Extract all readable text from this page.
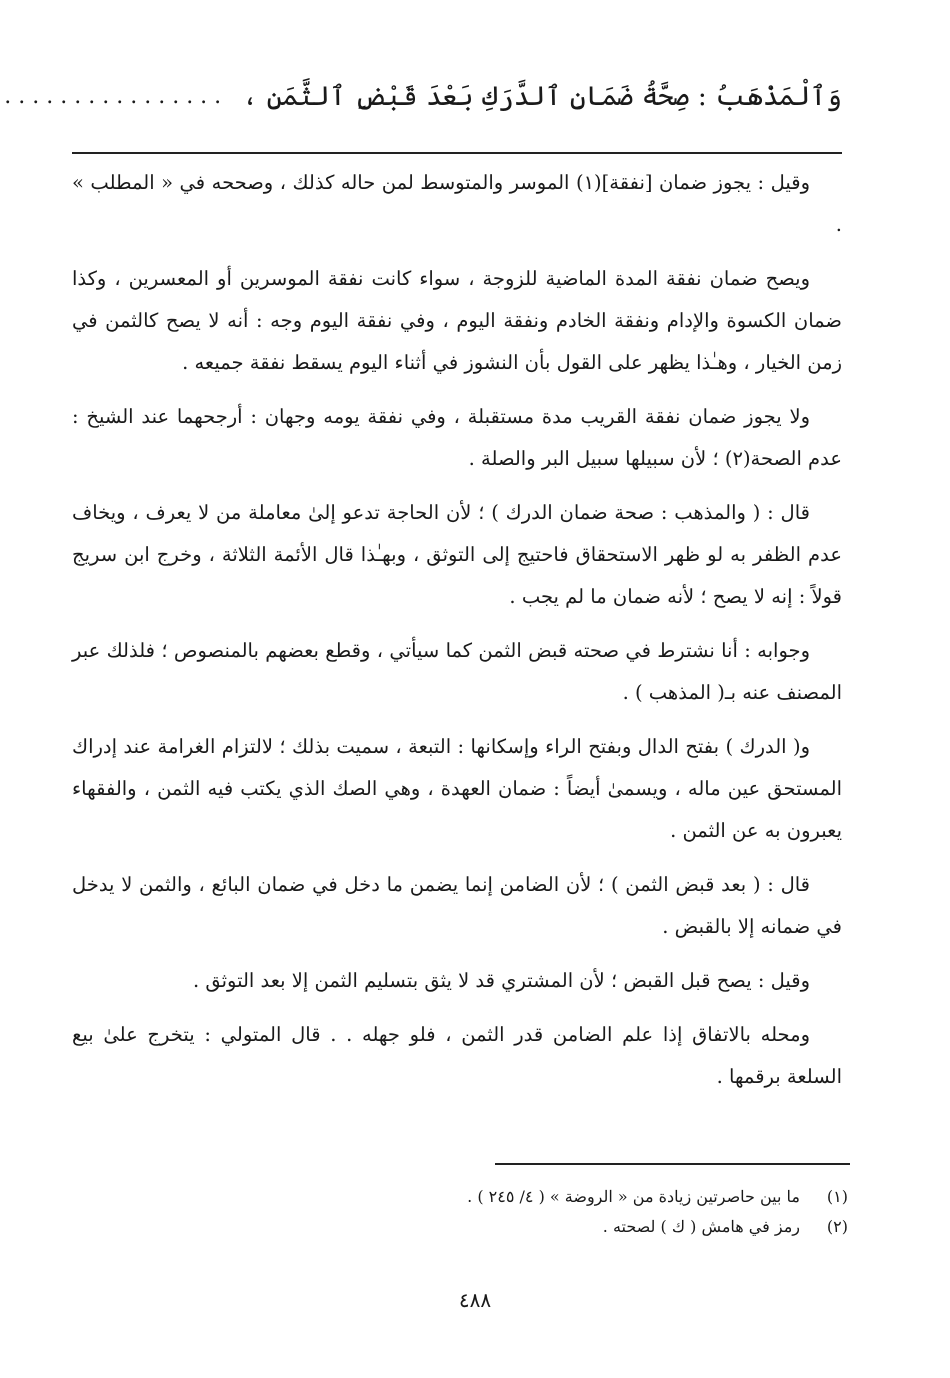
وَٱلْمَذْهَبُ : صِحَّةُ ضَمَانِ ٱلدَّرَكِ بَعْدَ قَبْضِ ٱلثَّمَنِ ،
................

وقيل : يجوز ضمان [نفقة](١) الموسر والمتوسط لمن حاله كذلك ، وصححه في « المطلب » .

ويصح ضمان نفقة المدة الماضية للزوجة ، سواء كانت نفقة الموسرين أو المعسرين ، وكذا ضمان الكسوة والإدام ونفقة الخادم ونفقة اليوم ، وفي نفقة اليوم وجه : أنه لا يصح كالثمن في زمن الخيار ، وهـٰذا يظهر على القول بأن النشوز في أثناء اليوم يسقط نفقة جميعه .

ولا يجوز ضمان نفقة القريب مدة مستقبلة ، وفي نفقة يومه وجهان : أرجحهما عند الشيخ : عدم الصحة(٢) ؛ لأن سبيلها سبيل البر والصلة .

قال : ( والمذهب : صحة ضمان الدرك ) ؛ لأن الحاجة تدعو إلىٰ معاملة من لا يعرف ، ويخاف عدم الظفر به لو ظهر الاستحقاق فاحتيج إلى التوثق ، وبهـٰذا قال الأئمة الثلاثة ، وخرج ابن سريج قولاً : إنه لا يصح ؛ لأنه ضمان ما لم يجب .

وجوابه : أنا نشترط في صحته قبض الثمن كما سيأتي ، وقطع بعضهم بالمنصوص ؛ فلذلك عبر المصنف عنه بـ( المذهب ) .

و( الدرك ) بفتح الدال وبفتح الراء وإسكانها : التبعة ، سميت بذلك ؛ لالتزام الغرامة عند إدراك المستحق عين ماله ، ويسمىٰ أيضاً : ضمان العهدة ، وهي الصك الذي يكتب فيه الثمن ، والفقهاء يعبرون به عن الثمن .

قال : ( بعد قبض الثمن ) ؛ لأن الضامن إنما يضمن ما دخل في ضمان البائع ، والثمن لا يدخل في ضمانه إلا بالقبض .

وقيل : يصح قبل القبض ؛ لأن المشتري قد لا يثق بتسليم الثمن إلا بعد التوثق .

ومحله بالاتفاق إذا علم الضامن قدر الثمن ، فلو جهله . . قال المتولي : يتخرج علىٰ بيع السلعة برقمها .

(١)
ما بين حاصرتين زيادة من « الروضة » ( ٤/ ٢٤٥ ) .
(٢)
رمز في هامش ( ك ) لصحته .
٤٨٨
